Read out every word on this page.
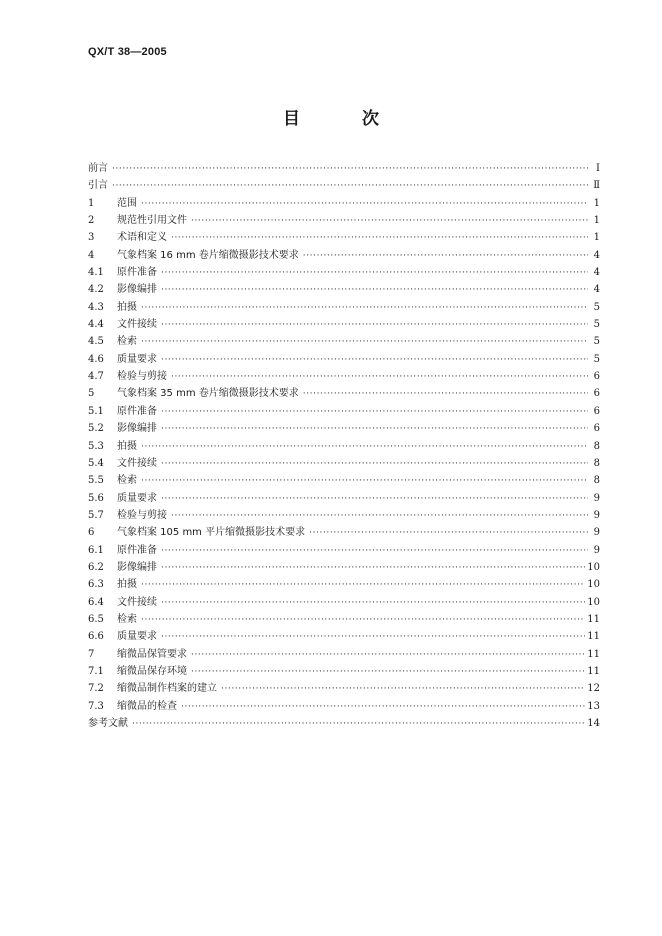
QX/T 38—2005
目 次
前言 ·····	Ⅰ
引言 ·····	Ⅱ
1 范围 ·····	1
2 规范性引用文件 ·····	1
3 术语和定义 ·····	1
4 气象档案 16 mm 卷片缩微摄影技术要求 ·····	4
4.1 原件准备 ·····	4
4.2 影像编排 ·····	4
4.3 拍摄 ·····	5
4.4 文件接续 ·····	5
4.5 检索 ·····	5
4.6 质量要求 ·····	5
4.7 检验与剪接 ·····	6
5 气象档案 35 mm 卷片缩微摄影技术要求 ·····	6
5.1 原件准备 ·····	6
5.2 影像编排 ·····	6
5.3 拍摄 ·····	8
5.4 文件接续 ·····	8
5.5 检索 ·····	8
5.6 质量要求 ·····	9
5.7 检验与剪接 ·····	9
6 气象档案 105 mm 平片缩微摄影技术要求 ·····	9
6.1 原件准备 ·····	9
6.2 影像编排 ·····	10
6.3 拍摄 ·····	10
6.4 文件接续 ·····	10
6.5 检索 ·····	11
6.6 质量要求 ·····	11
7 缩微品保管要求 ·····	11
7.1 缩微品保存环境 ·····	11
7.2 缩微品制作档案的建立 ·····	12
7.3 缩微品的检查 ·····	13
参考文献 ·····	14
